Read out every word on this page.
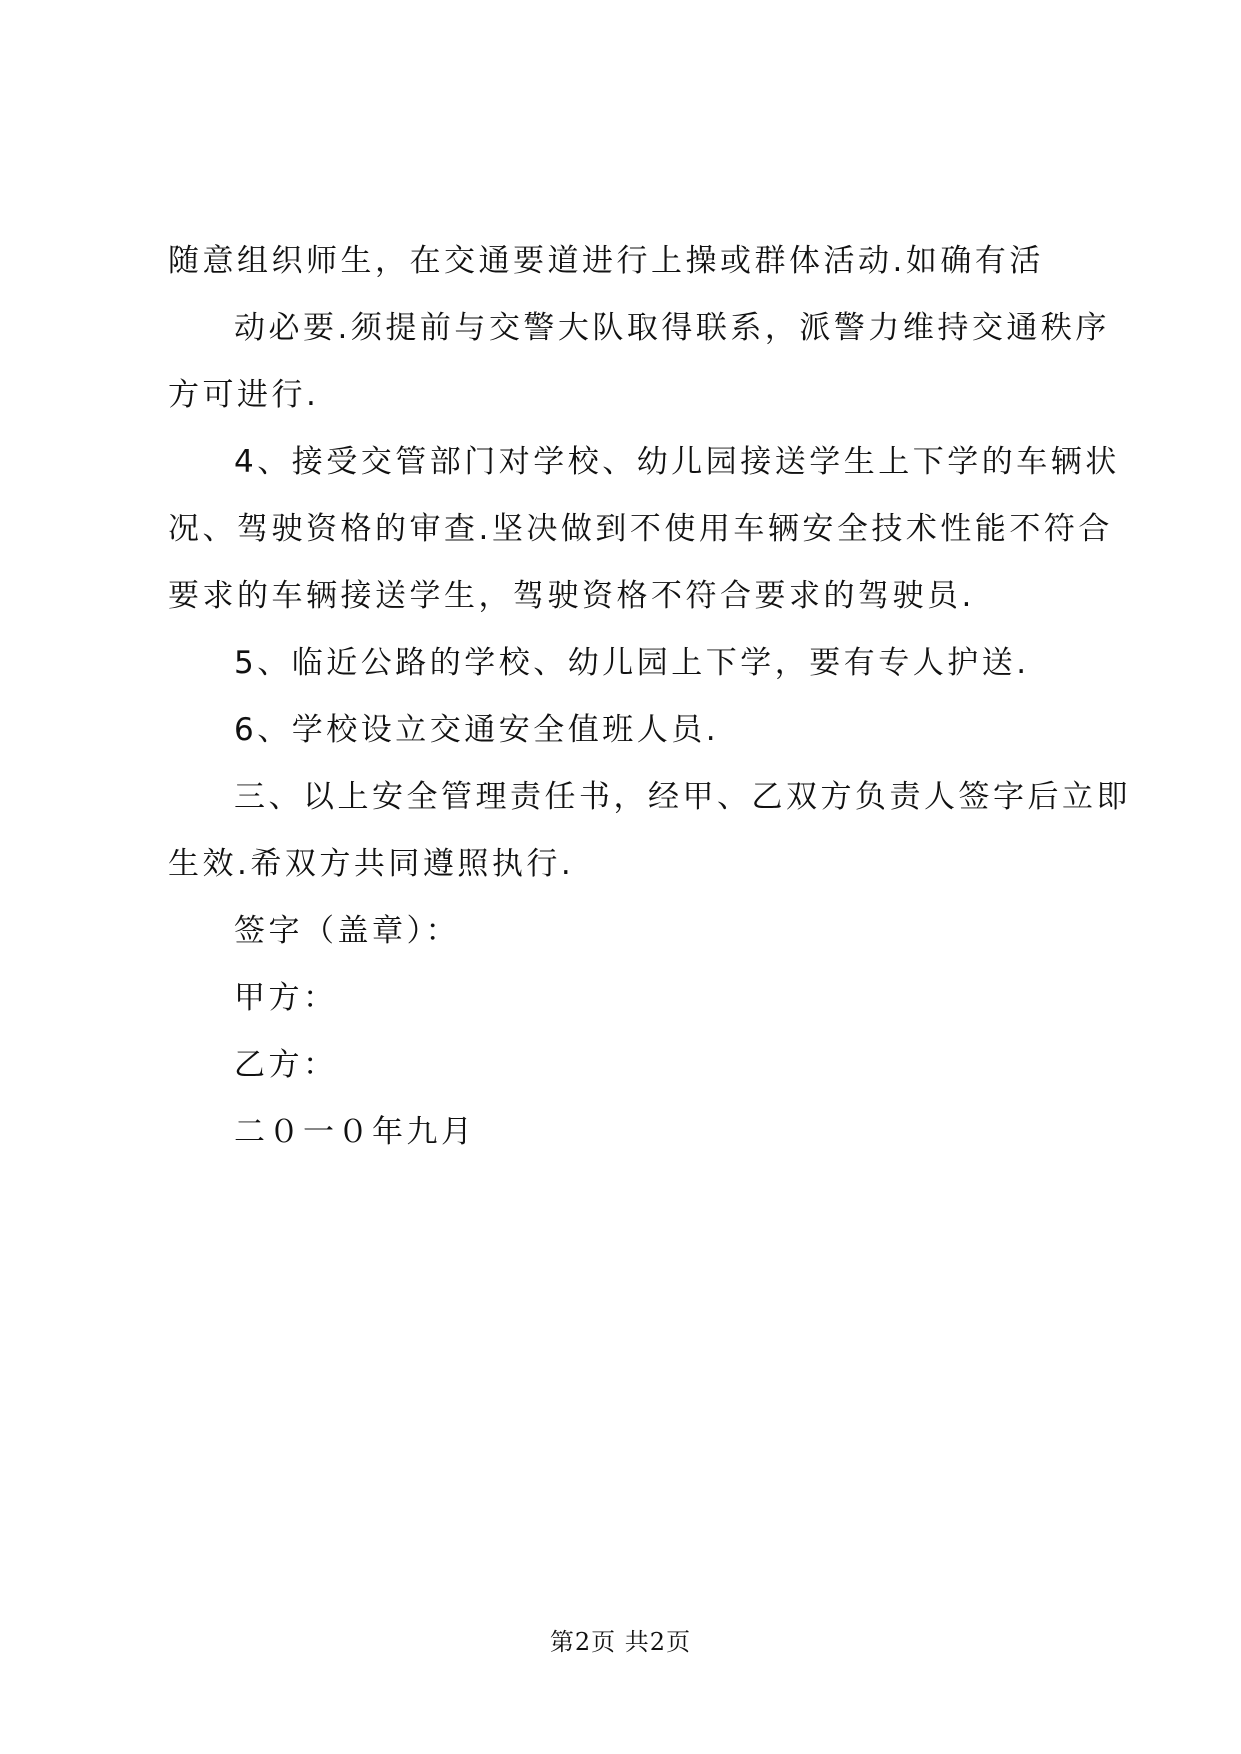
随意组织师生，在交通要道进行上操或群体活动.如确有活
动必要.须提前与交警大队取得联系，派警力维持交通秩序
方可进行.
4、接受交管部门对学校、幼儿园接送学生上下学的车辆状
况、驾驶资格的审查.坚决做到不使用车辆安全技术性能不符合
要求的车辆接送学生，驾驶资格不符合要求的驾驶员.
5、临近公路的学校、幼儿园上下学，要有专人护送.
6、学校设立交通安全值班人员.
三、以上安全管理责任书，经甲、乙双方负责人签字后立即
生效.希双方共同遵照执行.
签字（盖章）：
甲方：
乙方：
二０一０年九月
第2页 共2页
